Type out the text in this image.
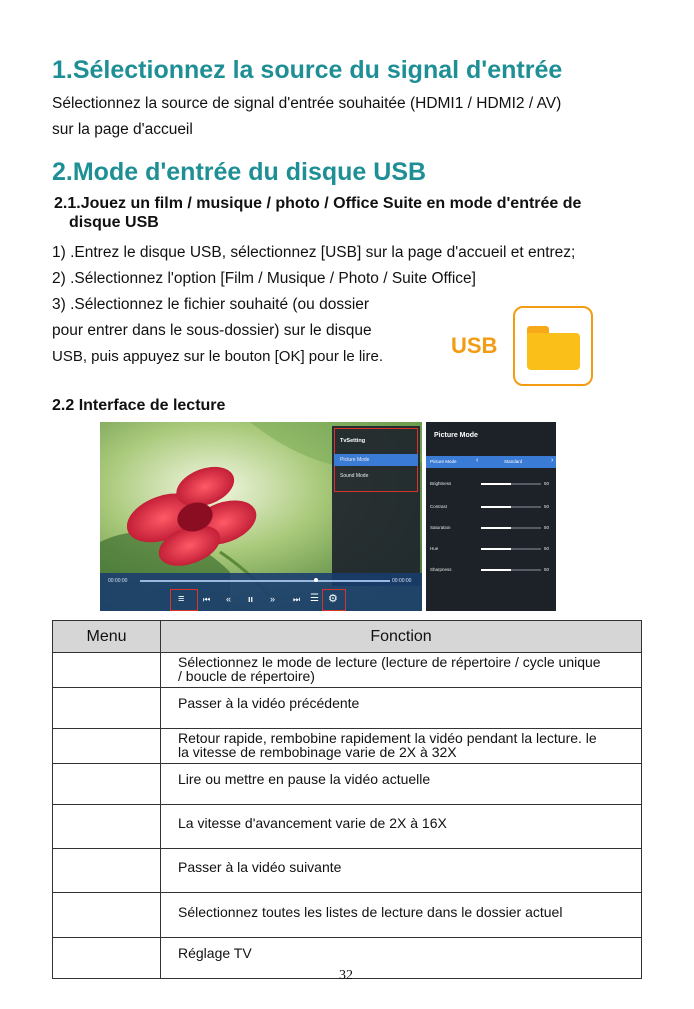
1.Sélectionnez la source du signal d'entrée
Sélectionnez la source de signal d'entrée souhaitée (HDMI1 / HDMI2 / AV)
sur la page d'accueil
2.Mode d'entrée du disque USB
2.1.Jouez un film / musique / photo / Office Suite en mode d'entrée de
disque USB
1) .Entrez le disque USB, sélectionnez [USB] sur la page d'accueil et entrez;
2) .Sélectionnez l'option [Film / Musique / Photo / Suite Office]
3) .Sélectionnez le fichier souhaité (ou dossier
pour entrer dans le sous-dossier) sur le disque
USB, puis appuyez sur le bouton [OK] pour le lire.	USB
2.2 Interface de lecture
TvSetting
Picture Mode
Sound Mode
00:00:00	00:00:00
≡ ⏮ « ıı » ⏭ ☰ ⚙
Picture Mode
Picture Mode	‹	Standard	›
Brightness	50
Contrast	50
Saturation	50
Hue	50
Sharpness	50
Menu	Fonction

	Sélectionnez le mode de lecture (lecture de répertoire / cycle unique
/ boucle de répertoire)

	Passer à la vidéo précédente

	Retour rapide, rembobine rapidement la vidéo pendant la lecture. le
la vitesse de rembobinage varie de 2X à 32X

	Lire ou mettre en pause la vidéo actuelle

	La vitesse d'avancement varie de 2X à 16X

	Passer à la vidéo suivante

	Sélectionnez toutes les listes de lecture dans le dossier actuel

	Réglage TV
32
